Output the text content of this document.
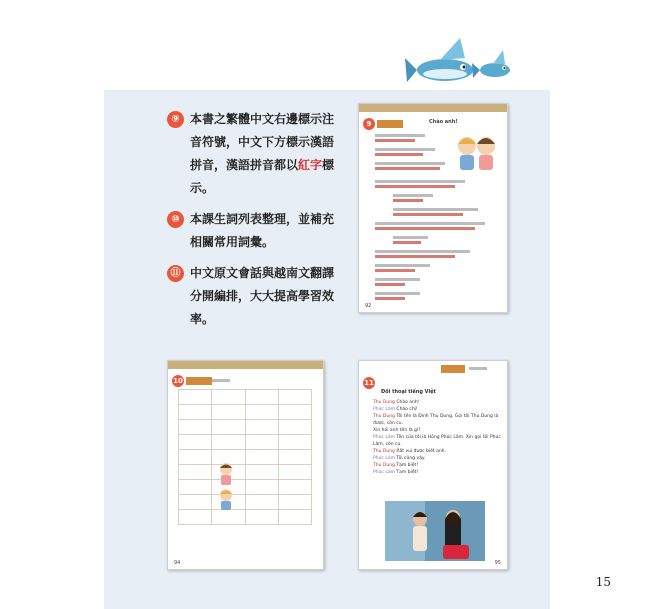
⑨ 本書之繁體中文右邊標示注音符號，中文下方標示漢語拼音，漢語拼音都以紅字標示。
⑩ 本課生詞列表整理，並補充相關常用詞彙。
⑪ 中文原文會話與越南文翻譯分開編排，大大提高學習效率。
9	Chào anh!
92
10

94
11
Đối thoại tiếng Việt
Thu Dung Chào anh!
Phúc Lâm Chào chị!
Thu Dung Tôi tên là Đinh Thu Dung. Gọi tôi Thu Dung là được, còn cu.
Xin hỏi anh tên là gì?
Phúc Lâm Tên của tôi là Hồng Phúc Lâm. Xin gọi tôi Phúc Lâm, còn cu.
Thu Dung Rất vui được biết anh.
Phúc Lâm Tôi cũng vậy.
Thu Dung Tạm biệt!
Phúc Lâm Tạm biệt!
95
15
